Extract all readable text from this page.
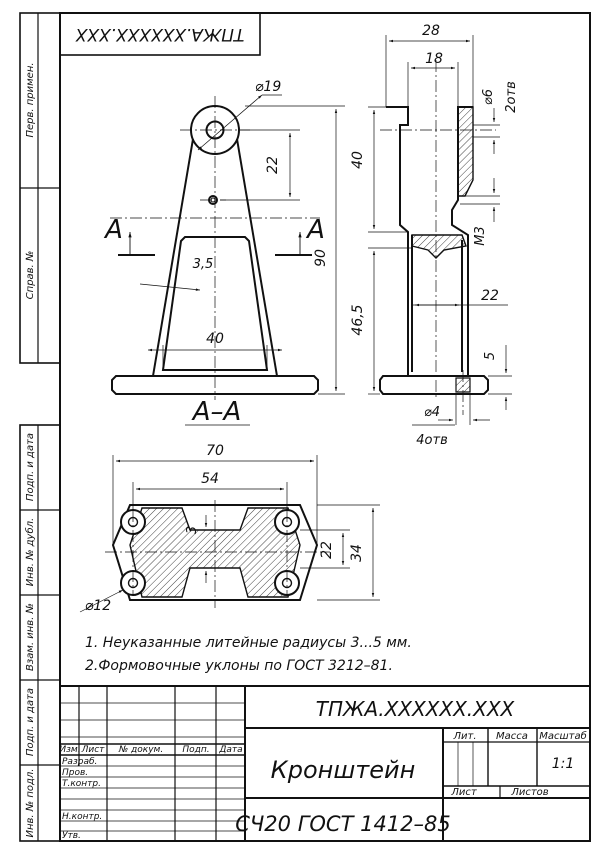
Перв. примен.
Справ. №
Подп. и дата
Инв. № дубл.
Взам. инв. №
Подп. и дата
Инв. № подл.
ТПЖА.XXXXXX.XXX
⌀19
22
90
3,5
40
А	А
28
18
⌀6 2отв
40
46,5
М3
22
5
⌀4
4отв
А–А
70
54
3
22 34
⌀12
1. Неуказанные литейные радиусы 3...5 мм.
2.Формовочные уклоны по ГОСТ 3212–81.
ТПЖА.XXXXXX.XXX
Изм. Лист № докум. Подп. Дата
Разраб.
Пров.
Т.контр.
Н.контр.
Утв.
Кронштейн
СЧ20 ГОСТ 1412–85
Лит. Масса Масштаб
1:1
Лист	Листов
